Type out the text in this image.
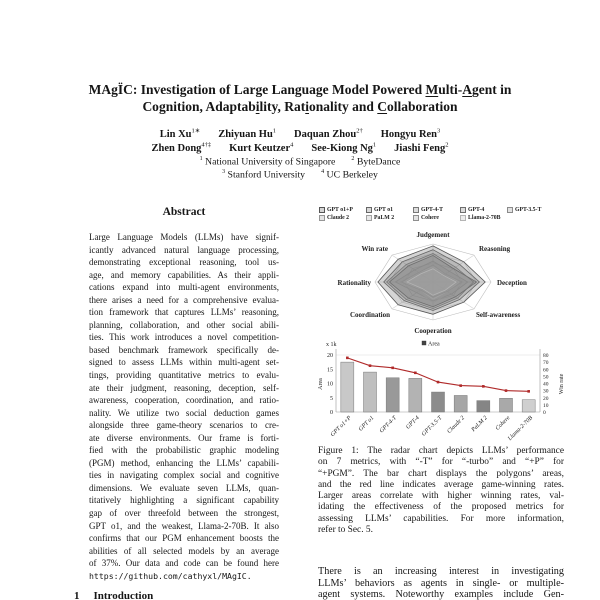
MAgÏC: Investigation of Large Language Model Powered Multi-Agent in
Cognition, Adaptability, Rationality and Collaboration
Lin $Xu^{1∗}$ Zhiyuan Hu$^1$ Daquan Zhou$^{2\dagger}$ Hongyu Ren$^3$
Zhen Dong$^{4\dagger\ddagger}$ Kurt Keutzer$^4$ See-Kiong Ng$^1$ Jiashi Feng$^2$
$^1$ National University of Singapore	$^2$ ByteDance
$^3$ Stanford University	$^4$ UC Berkeley
Abstract
Large Language Models (LLMs) have signif-
icantly advanced natural language processing,
demonstrating exceptional reasoning, tool us-
age, and memory capabilities. As their appli-
cations expand into multi-agent environments,
there arises a need for a comprehensive evalua-
tion framework that captures LLMs’ reasoning,
planning, collaboration, and other social abili-
ties. This work introduces a novel competition-
based benchmark framework specifically de-
signed to assess LLMs within multi-agent set-
tings, providing quantitative metrics to evalu-
ate their judgment, reasoning, deception, self-
awareness, cooperation, coordination, and ratio-
nality. We utilize two social deduction games
alongside three game-theory scenarios to cre-
ate diverse environments. Our frame is forti-
fied with the probabilistic graphic modeling
(PGM) method, enhancing the LLMs’ capabili-
ties in navigating complex social and cognitive
dimensions. We evaluate seven LLMs, quan-
titatively highlighting a significant capability
gap of over threefold between the strongest,
GPT o1, and the weakest, Llama-2-70B. It also
confirms that our PGM enhancement boosts the
abilities of all selected models by an average
of 37%. Our data and code can be found here
https://github.com/cathyxl/MAgIC.
1 Introduction
GPT o1+P	GPT o1	GPT-4-T	GPT-4	GPT-3.5-T
Claude 2	PaLM 2	Cohere	Llama-2-70B
Judgement
Reasoning
Deception
Self-awareness
Cooperation
Coordination
Rationality
Win rate
0
5
10
15
20
0
10
20
30
40
50
60
70
80
x 1k	Area
Area	Win rate
GPT o1+P GPT o1 GPT-4-T GPT-4 GPT-3.5-T Claude 2 PaLM 2 Cohere
Llama-2-70B
Figure 1: The radar chart depicts LLMs’ performance
on 7 metrics, with “-T” for “-turbo” and “+P” for
“+PGM”. The bar chart displays the polygons’ areas,
and the red line indicates average game-winning rates.
Larger areas correlate with higher winning rates, val-
idating the effectiveness of the proposed metrics for
assessing LLMs’ capabilities. For more information,
refer to Sec. 5.
There is an increasing interest in investigating
LLMs’ behaviors as agents in single- or multiple-
agent systems. Noteworthy examples include Gen-
